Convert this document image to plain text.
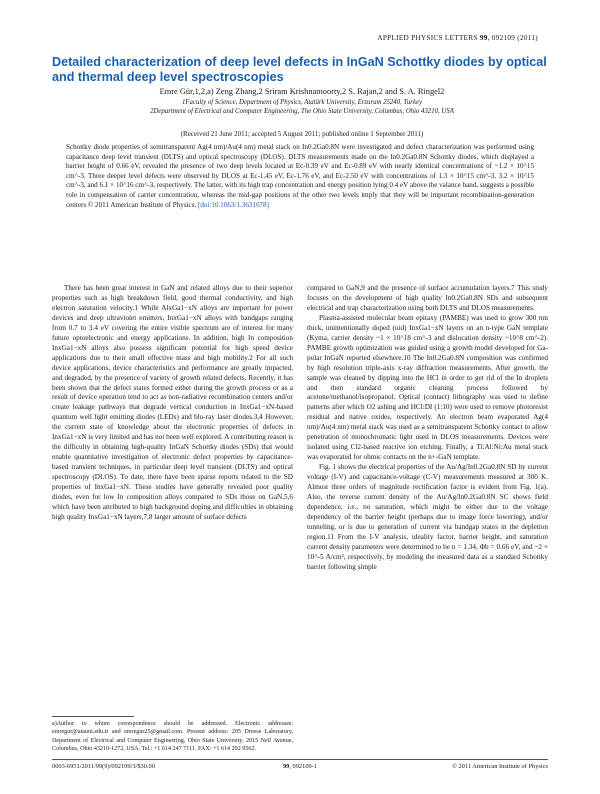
APPLIED PHYSICS LETTERS 99, 092109 (2011)
Detailed characterization of deep level defects in InGaN Schottky diodes by optical and thermal deep level spectroscopies
Emre Gür,1,2,a) Zeng Zhang,2 Sriram Krishnamoorty,2 S. Rajan,2 and S. A. Ringel2
1Faculty of Science, Department of Physics, Atatürk University, Erzurum 25240, Turkey
2Department of Electrical and Computer Engineering, The Ohio State University, Columbus, Ohio 43210, USA
(Received 21 June 2011; accepted 5 August 2011; published online 1 September 2011)
Schottky diode properties of semitransparent Ag(4 nm)/Au(4 nm) metal stack on In0.2Ga0.8N were investigated and defect characterization was performed using capacitance deep level transient (DLTS) and optical spectroscopy (DLOS). DLTS measurements made on the In0.2Ga0.8N Schottky diodes, which displayed a barrier height of 0.66 eV, revealed the presence of two deep levels located at Ec-0.39 eV and Ec-0.89 eV with nearly identical concentrations of ~1.2 × 10^15 cm^-3. Three deeper level defects were observed by DLOS at Ec-1.45 eV, Ec-1.76 eV, and Ec-2.50 eV with concentrations of 1.3 × 10^15 cm^-3, 3.2 × 10^15 cm^-3, and 6.1 × 10^16 cm^-3, respectively. The latter, with its high trap concentration and energy position lying 0.4 eV above the valance band, suggests a possible role in compensation of carrier concentration, whereas the mid-gap positions of the other two levels imply that they will be important recombination-generation centers © 2011 American Institute of Physics. [doi:10.1063/1.3631678]

There has been great interest in GaN and related alloys due to their superior properties such as high breakdown field, good thermal conductivity, and high electron saturation velocity.1 While AlxGa1−xN alloys are important for power devices and deep ultraviolet emitters, InxGa1−xN alloys with bandgaps ranging from 0.7 to 3.4 eV covering the entire visible spectrum are of interest for many future optoelectronic and energy applications. In addition, high In composition InxGa1−xN alloys also possess significant potential for high speed device applications due to their small effective mass and high mobility.2 For all such device applications, device characteristics and performance are greatly impacted, and degraded, by the presence of variety of growth related defects. Recently, it has been shown that the defect states formed either during the growth process or as a result of device operation tend to act as non-radiative recombination centers and/or create leakage pathways that degrade vertical conduction in InxGa1−xN-based quantum well light emitting diodes (LEDs) and blu-ray laser diodes.3,4 However, the current state of knowledge about the electronic properties of defects in InxGa1−xN is very limited and has not been well explored. A contributing reason is the difficulty in obtaining high-quality InGaN Schottky diodes (SDs) that would enable quantitative investigation of electronic defect properties by capacitance-based transient techniques, in particular deep level transient (DLTS) and optical spectroscopy (DLOS). To date, there have been sparse reports related to the SD properties of InxGa1−xN. These studies have generally revealed poor quality diodes, even for low In composition alloys compared to SDs those on GaN,5,6 which have been attributed to high background doping and difficulties in obtaining high quality InxGa1−xN layers,7,8 larger amount of surface defects

compared to GaN,9 and the presence of surface accumulation layers.7 This study focuses on the development of high quality In0.2Ga0.8N SDs and subsequent electrical and trap characterization using both DLTS and DLOS measurements.

Plasma-assisted molecular beam epitaxy (PAMBE) was used to grow 300 nm thick, unintentionally doped (uid) InxGa1−xN layers on an n-type GaN template (Kyma, carrier density ~1 × 10^18 cm^-3 and dislocation density ~10^8 cm^-2). PAMBE growth optimization was guided using a growth model developed for Ga-polar InGaN reported elsewhere.10 The In0.2Ga0.8N composition was confirmed by high resolution triple-axis x-ray diffraction measurements. After growth, the sample was cleaned by dipping into the HCl in order to get rid of the In droplets and then standard organic cleaning process followed by acetone/methanol/isopropanol. Optical (contact) lithography was used to define patterns after which O2 ashing and HCl:DI (1:10) were used to remove photoresist residual and native oxides, respectively. An electron beam evaporated Ag(4 nm)/Au(4 nm) metal stack was used as a semitransparent Schottky contact to allow penetration of monochromatic light used in DLOS measurements. Devices were isolated using Cl2-based reactive ion etching. Finally, a Ti:Al:Ni:Au metal stack was evaporated for ohmic contacts on the n+-GaN template.

Fig. 1 shows the electrical properties of the Au/Ag/In0.2Ga0.8N SD by current voltage (I-V) and capacitance-voltage (C-V) measurements measured at 300 K. Almost three orders of magnitude rectification factor is evident from Fig. 1(a). Also, the reverse current density of the Au/Ag/In0.2Ga0.8N SC shows field dependence, i.e., no saturation, which might be either due to the voltage dependency of the barrier height (perhaps due to image force lowering), and/or tunneling, or is due to generation of current via bandgap states in the depletion region.11 From the I-V analysis, ideality factor, barrier height, and saturation current density parameters were determined to be n = 1.34, Φb = 0.66 eV, and ~2 × 10^-5 A/cm², respectively, by modeling the measured data as a standard Schottky barrier following simple

a)Author to whom correspondence should be addressed. Electronic addresses: emregur@atauni.edu.tr and emregur25@gmail.com. Present address: 205 Dreese Laboratory, Department of Electrical and Computer Engineering, Ohio State University, 2015 Neil Avenue, Columbus, Ohio 43210-1272, USA. Tel.: +1 614 247 7111. FAX: +1 614 292 9562.
0003-6951/2011/99(9)/092109/3/$30.00	99, 092109-1	© 2011 American Institute of Physics
